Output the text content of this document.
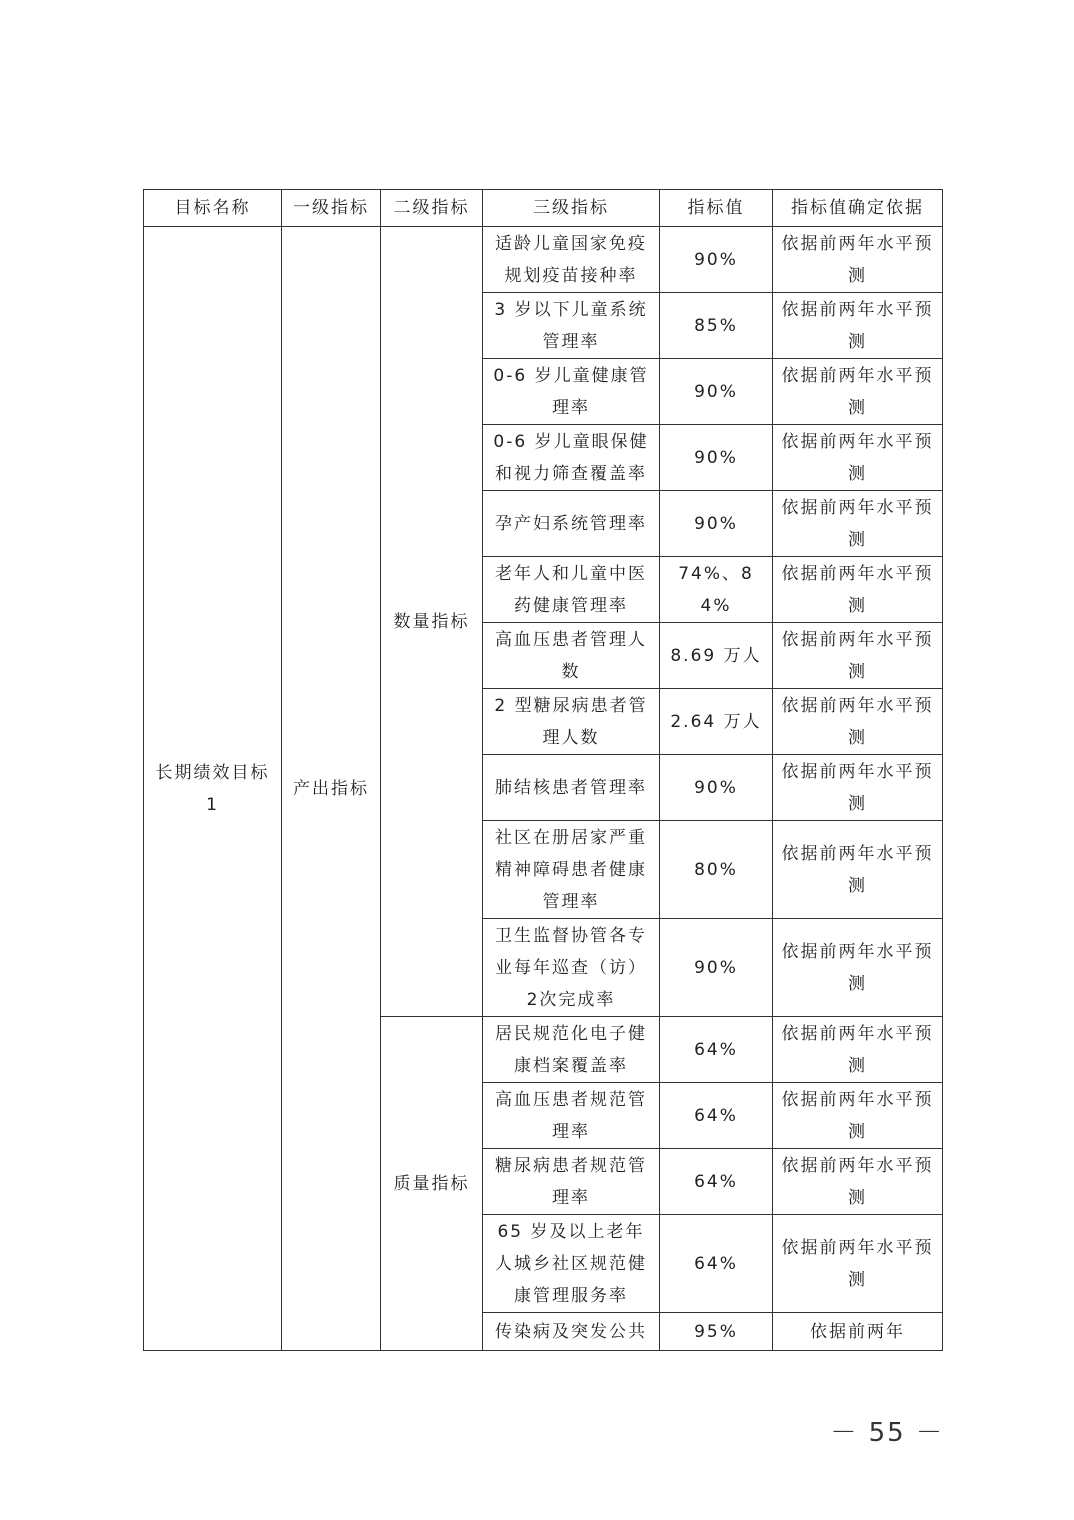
目标名称	一级指标	二级指标	三级指标	指标值	指标值确定依据
长期绩效目标 1	产出指标	数量指标	适龄儿童国家免疫规划疫苗接种率	90%	依据前两年水平预测
			3 岁以下儿童系统管理率	85%	依据前两年水平预测
			0-6 岁儿童健康管理率	90%	依据前两年水平预测
			0-6 岁儿童眼保健和视力筛查覆盖率	90%	依据前两年水平预测
			孕产妇系统管理率	90%	依据前两年水平预测
			老年人和儿童中医药健康管理率	74%、84%	依据前两年水平预测
			高血压患者管理人数	8.69 万人	依据前两年水平预测
			2 型糖尿病患者管理人数	2.64 万人	依据前两年水平预测
			肺结核患者管理率	90%	依据前两年水平预测
			社区在册居家严重精神障碍患者健康管理率	80%	依据前两年水平预测
			卫生监督协管各专业每年巡查（访）2次完成率	90%	依据前两年水平预测
		质量指标	居民规范化电子健康档案覆盖率	64%	依据前两年水平预测
			高血压患者规范管理率	64%	依据前两年水平预测
			糖尿病患者规范管理率	64%	依据前两年水平预测
			65 岁及以上老年人城乡社区规范健康管理服务率	64%	依据前两年水平预测
			传染病及突发公共	95%	依据前两年
－ 55 －
